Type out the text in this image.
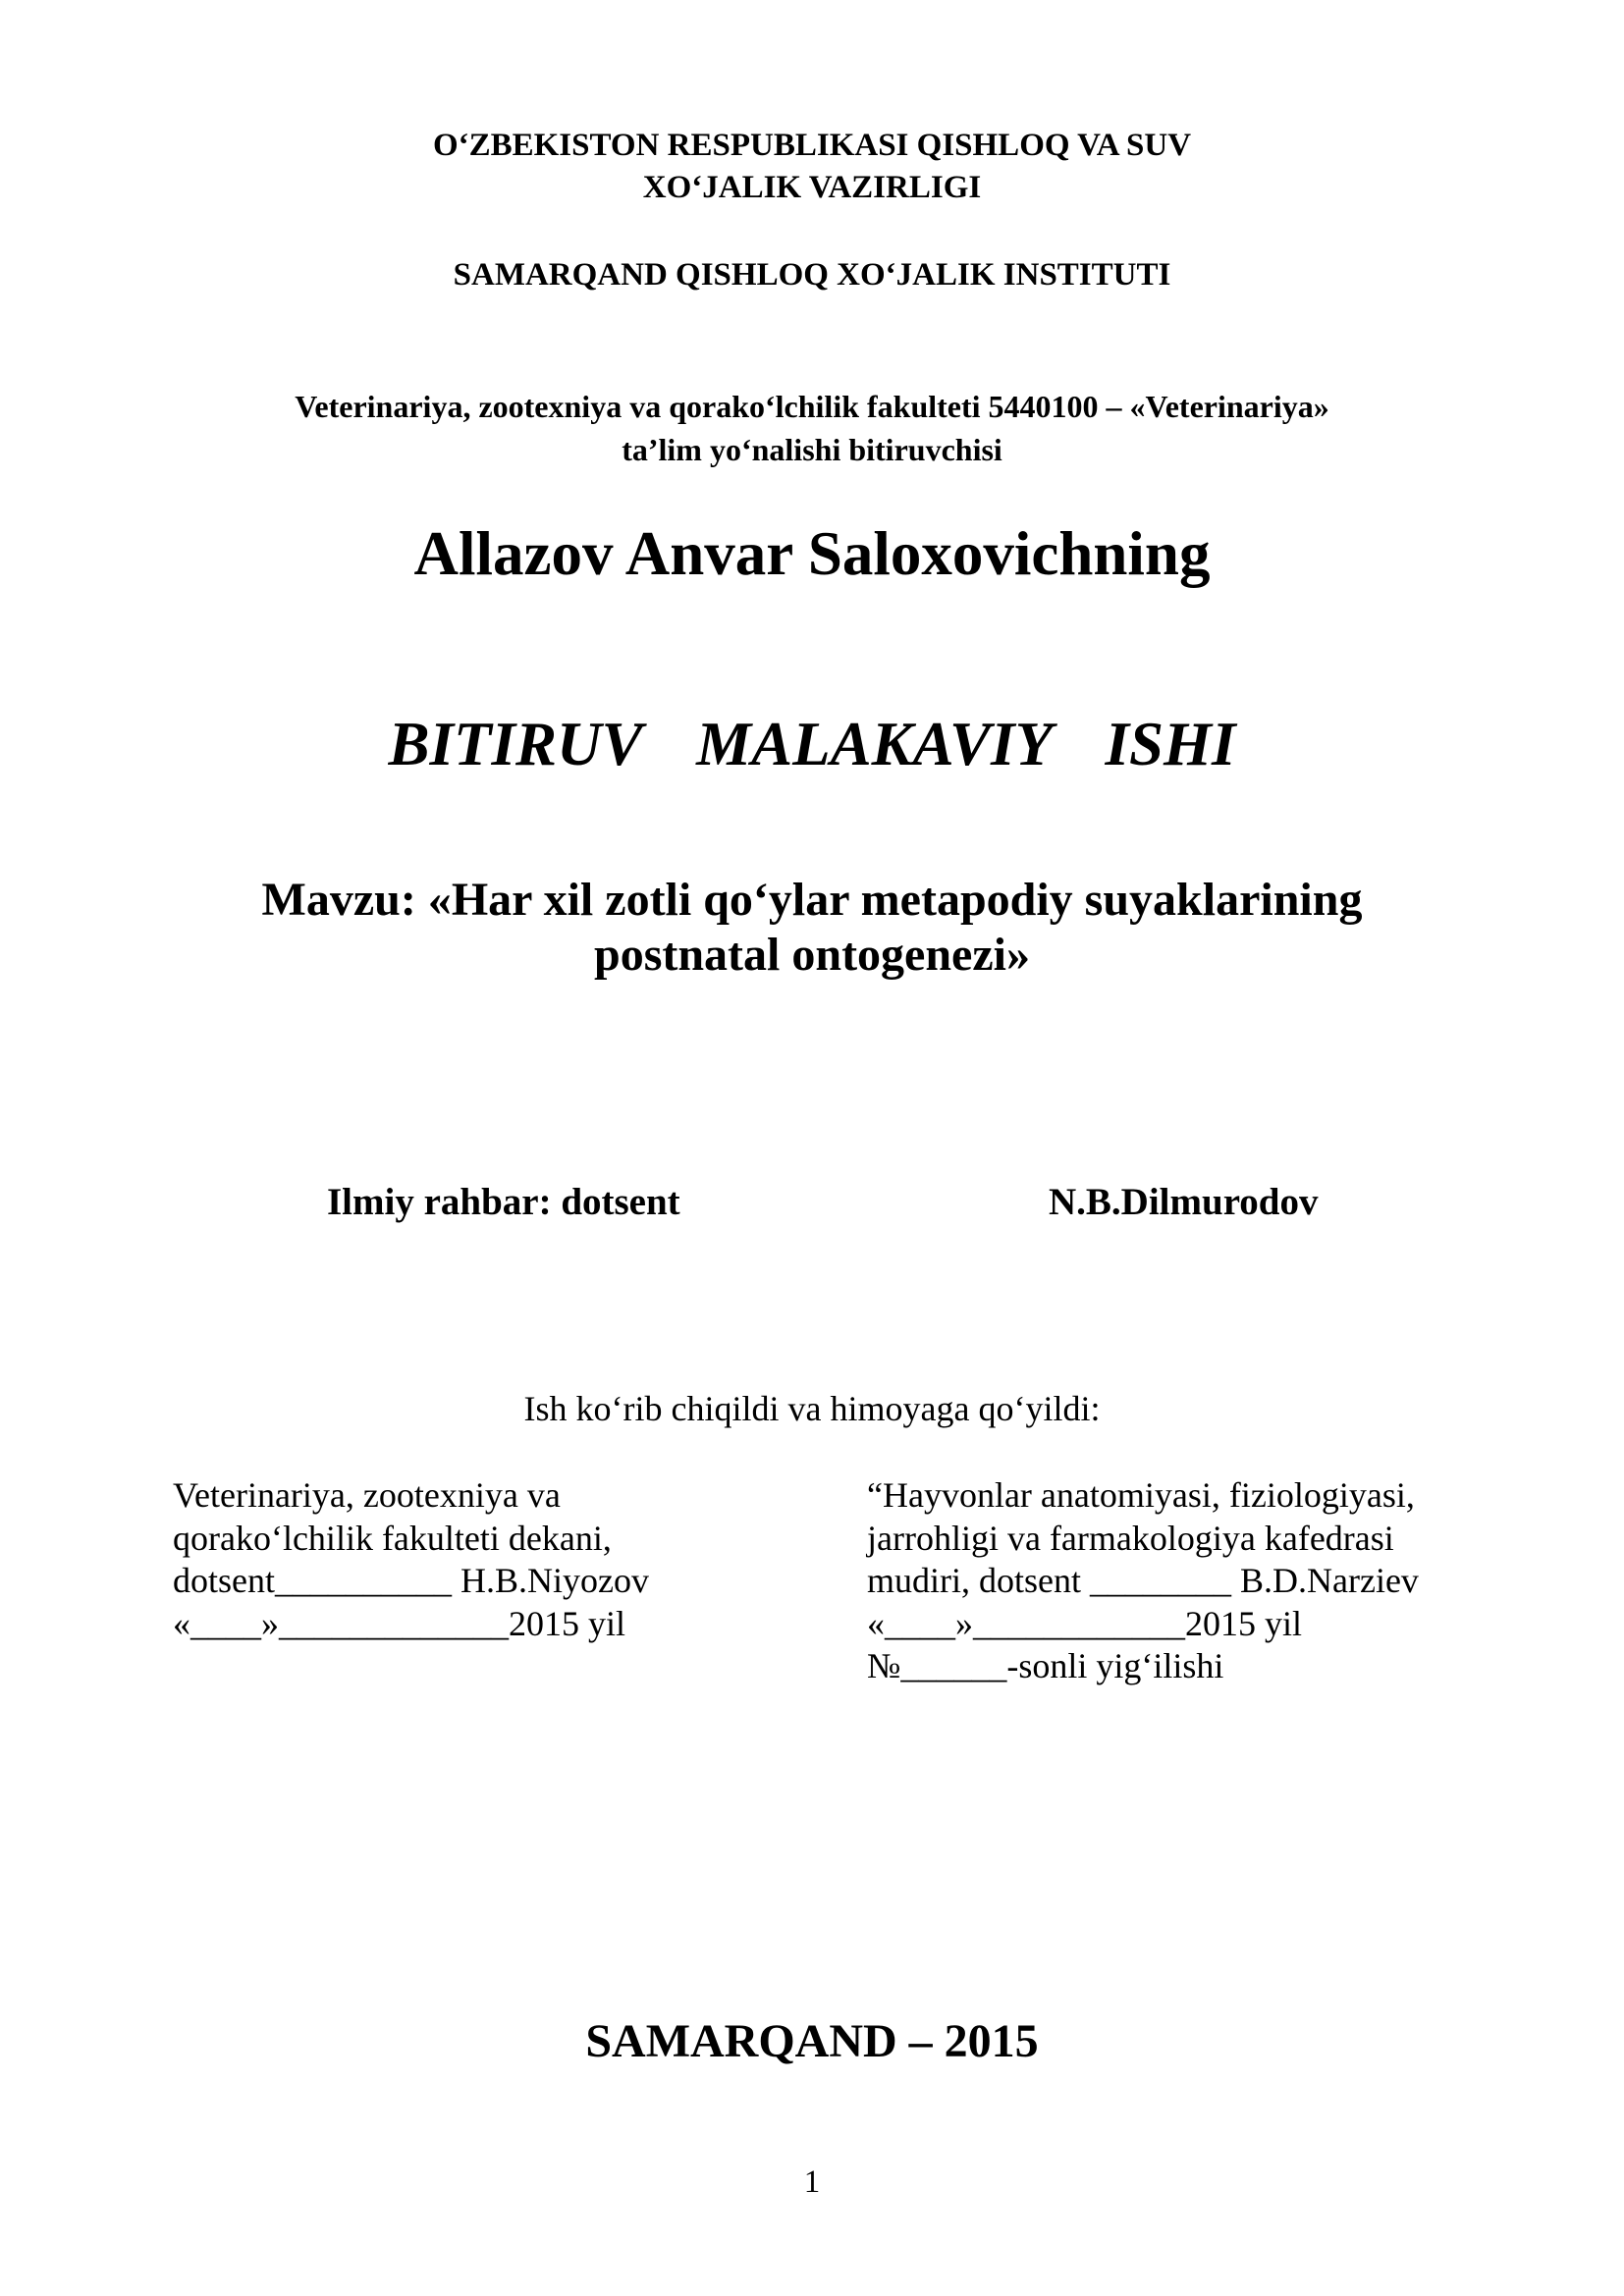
O‘ZBEKISTON RESPUBLIKASI QISHLOQ VA SUV
XO‘JALIK VAZIRLIGI
SAMARQAND QISHLOQ XO‘JALIK INSTITUTI
Veterinariya, zootexniya va qorako‘lchilik fakulteti 5440100 – «Veterinariya»
ta’lim yo‘nalishi bitiruvchisi
Allazov Anvar Saloxovichning
BITIRUV MALAKAVIY ISHI
Mavzu: «Har xil zotli qo‘ylar metapodiy suyaklarining
postnatal ontogenezi»
Ilmiy rahbar: dotsent	N.B.Dilmurodov
Ish ko‘rib chiqildi va himoyaga qo‘yildi:
Veterinariya, zootexniya va
qorako‘lchilik fakulteti dekani,
dotsent__________ H.B.Niyozov
«____»_____________2015 yil
“Hayvonlar anatomiyasi, fiziologiyasi,
jarrohligi va farmakologiya kafedrasi
mudiri, dotsent ________ B.D.Narziev
«____»____________2015 yil
№______-sonli yig‘ilishi
SAMARQAND – 2015
1
